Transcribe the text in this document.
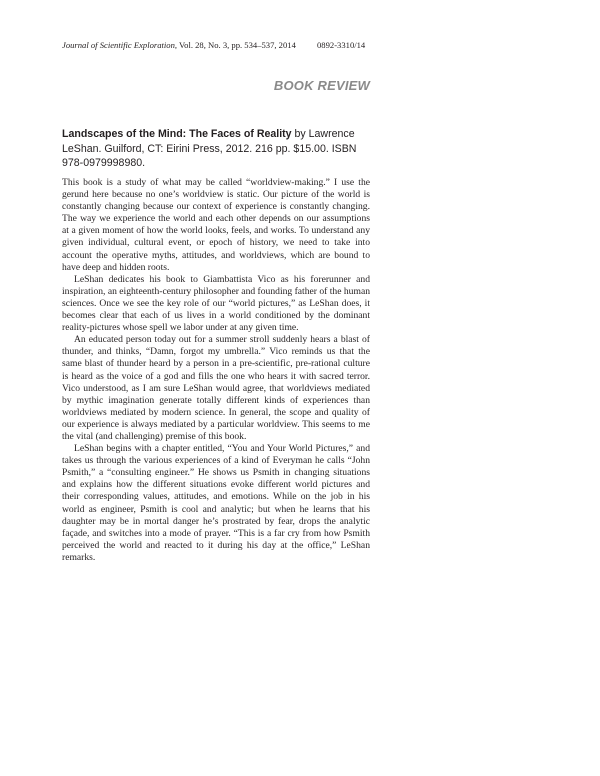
Journal of Scientific Exploration, Vol. 28, No. 3, pp. 534–537, 2014	0892-3310/14
BOOK REVIEW
Landscapes of the Mind: The Faces of Reality by Lawrence LeShan. Guilford, CT: Eirini Press, 2012. 216 pp. $15.00. ISBN 978-0979998980.

This book is a study of what may be called “worldview-making.” I use the gerund here because no one’s worldview is static. Our picture of the world is constantly changing because our context of experience is constantly changing. The way we experience the world and each other depends on our assumptions at a given moment of how the world looks, feels, and works. To understand any given individual, cultural event, or epoch of history, we need to take into account the operative myths, attitudes, and worldviews, which are bound to have deep and hidden roots.

LeShan dedicates his book to Giambattista Vico as his forerunner and inspiration, an eighteenth-century philosopher and founding father of the human sciences. Once we see the key role of our “world pictures,” as LeShan does, it becomes clear that each of us lives in a world conditioned by the dominant reality-pictures whose spell we labor under at any given time.

An educated person today out for a summer stroll suddenly hears a blast of thunder, and thinks, “Damn, forgot my umbrella.” Vico reminds us that the same blast of thunder heard by a person in a pre-scientific, pre-rational culture is heard as the voice of a god and fills the one who hears it with sacred terror. Vico understood, as I am sure LeShan would agree, that worldviews mediated by mythic imagination generate totally different kinds of experiences than worldviews mediated by modern science. In general, the scope and quality of our experience is always mediated by a particular worldview. This seems to me the vital (and challenging) premise of this book.

LeShan begins with a chapter entitled, “You and Your World Pictures,” and takes us through the various experiences of a kind of Everyman he calls “John Psmith,” a “consulting engineer.” He shows us Psmith in changing situations and explains how the different situations evoke different world pictures and their corresponding values, attitudes, and emotions. While on the job in his world as engineer, Psmith is cool and analytic; but when he learns that his daughter may be in mortal danger he’s prostrated by fear, drops the analytic façade, and switches into a mode of prayer. “This is a far cry from how Psmith perceived the world and reacted to it during his day at the office,” LeShan remarks.
